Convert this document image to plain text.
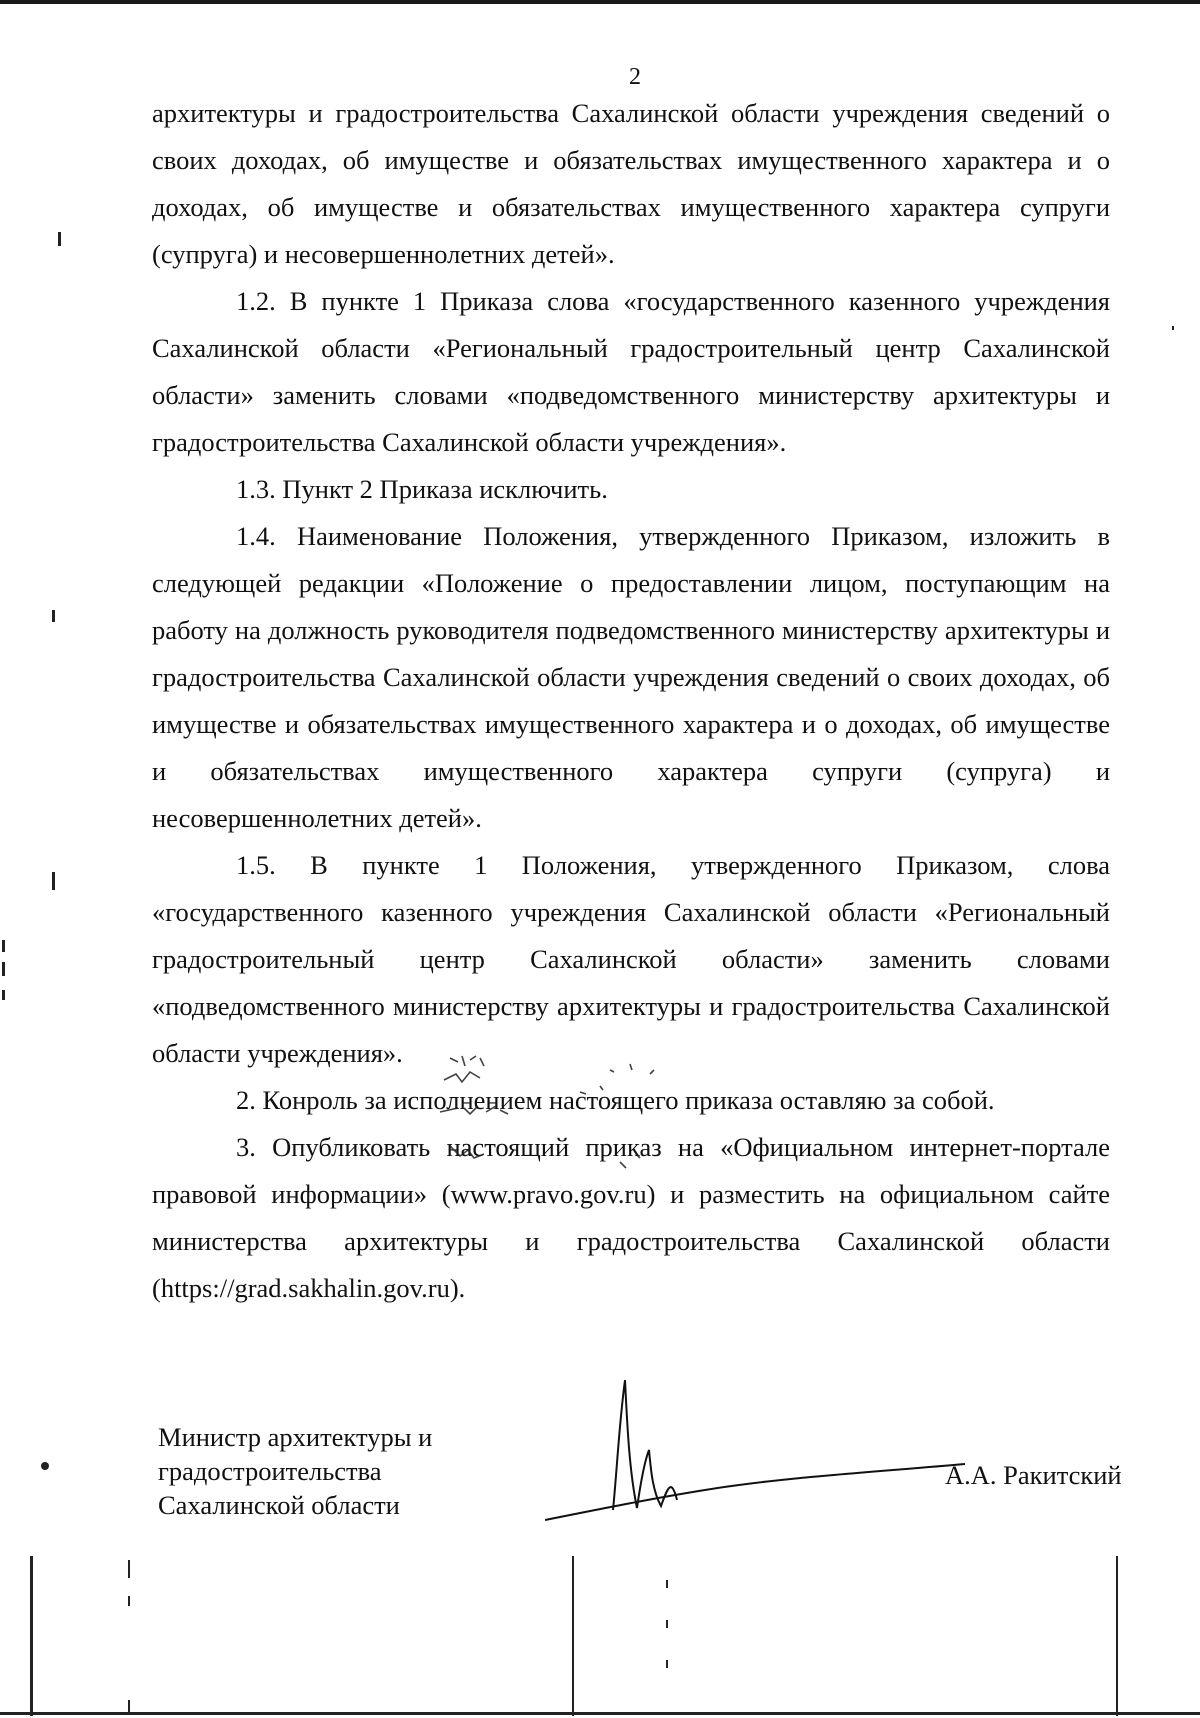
2

архитектуры и градостроительства Сахалинской области учреждения сведений о своих доходах, об имуществе и обязательствах имущественного характера и о доходах, об имуществе и обязательствах имущественного характера супруги (супруга) и несовершеннолетних детей».

1.2. В пункте 1 Приказа слова «государственного казенного учреждения Сахалинской области «Региональный градостроительный центр Сахалинской области» заменить словами «подведомственного министерству архитектуры и градостроительства Сахалинской области учреждения».

1.3. Пункт 2 Приказа исключить.

1.4. Наименование Положения, утвержденного Приказом, изложить в следующей редакции «Положение о предоставлении лицом, поступающим на работу на должность руководителя подведомственного министерству архитектуры и градостроительства Сахалинской области учреждения сведений о своих доходах, об имуществе и обязательствах имущественного характера и о доходах, об имуществе и обязательствах имущественного характера супруги (супруга) и несовершеннолетних детей».

1.5. В пункте 1 Положения, утвержденного Приказом, слова «государственного казенного учреждения Сахалинской области «Региональный градостроительный центр Сахалинской области» заменить словами «подведомственного министерству архитектуры и градостроительства Сахалинской области учреждения».

2. Конроль за исполнением настоящего приказа оставляю за собой.

3. Опубликовать настоящий приказ на «Официальном интернет-портале правовой информации» (www.pravo.gov.ru) и разместить на официальном сайте министерства архитектуры и градостроительства Сахалинской области (https://grad.sakhalin.gov.ru).

Министр архитектуры и
градостроительства
Сахалинской области
А.А. Ракитский
